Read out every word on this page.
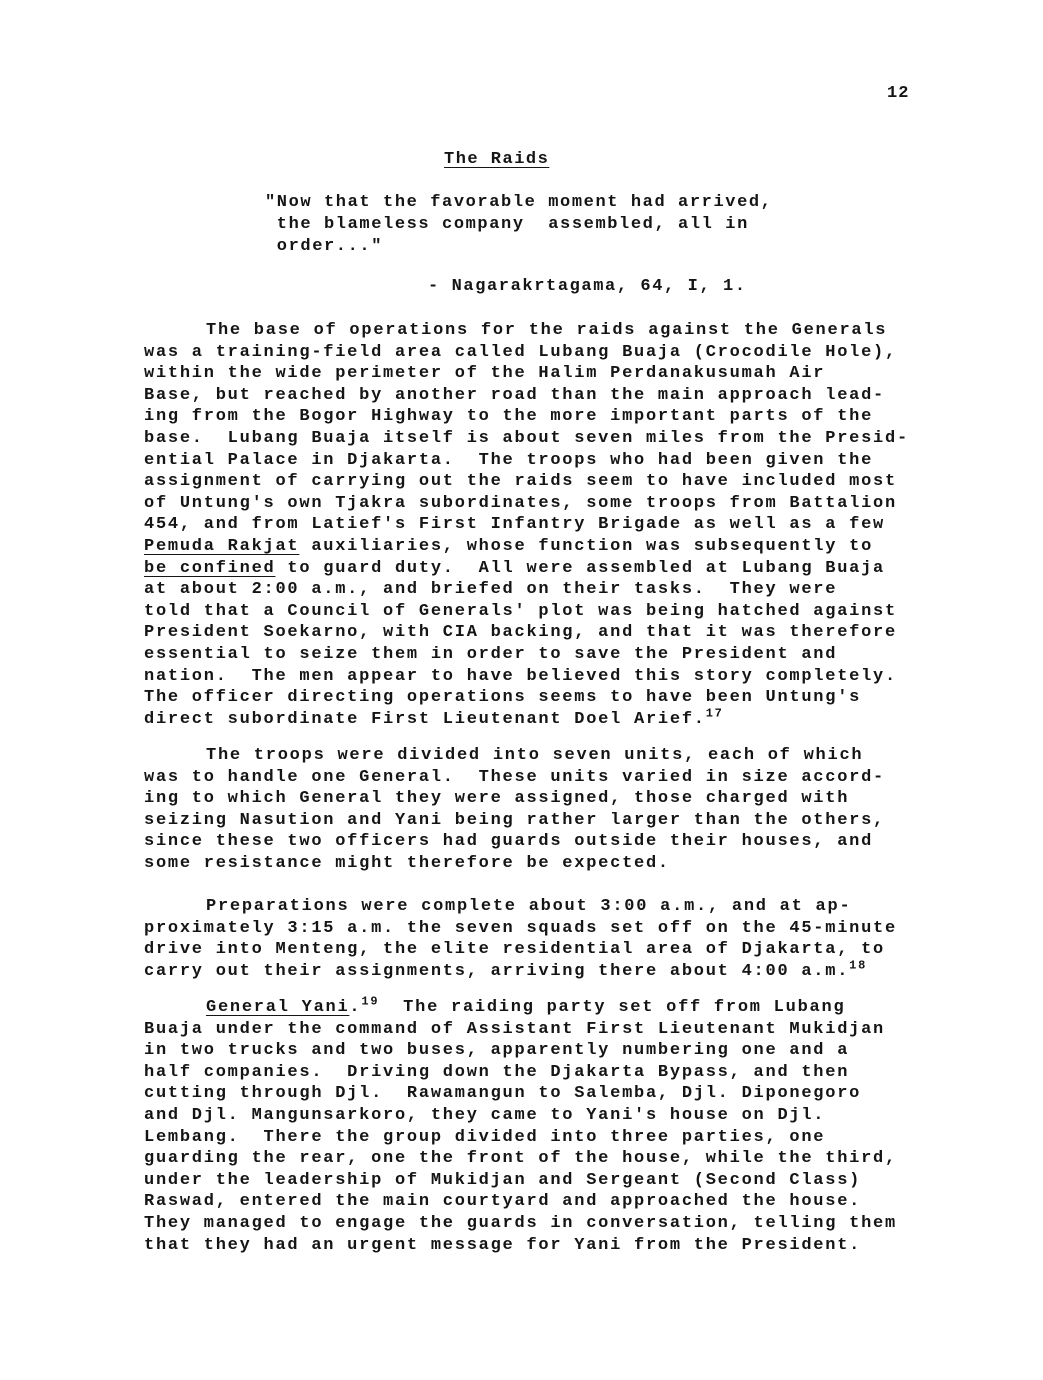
12
The Raids
"Now that the favorable moment had arrived,
the blameless company  assembled, all in
order..."
- Nagarakrtagama, 64, I, 1.
The base of operations for the raids against the Generals
was a training-field area called Lubang Buaja (Crocodile Hole),
within the wide perimeter of the Halim Perdanakusumah Air
Base, but reached by another road than the main approach lead-
ing from the Bogor Highway to the more important parts of the
base.  Lubang Buaja itself is about seven miles from the Presid-
ential Palace in Djakarta.  The troops who had been given the
assignment of carrying out the raids seem to have included most
of Untung's own Tjakra subordinates, some troops from Battalion
454, and from Latief's First Infantry Brigade as well as a few
Pemuda Rakjat auxiliaries, whose function was subsequently to
be confined to guard duty.  All were assembled at Lubang Buaja
at about 2:00 a.m., and briefed on their tasks.  They were
told that a Council of Generals' plot was being hatched against
President Soekarno, with CIA backing, and that it was therefore
essential to seize them in order to save the President and
nation.  The men appear to have believed this story completely.
The officer directing operations seems to have been Untung's
direct subordinate First Lieutenant Doel Arief.$^{17}$
The troops were divided into seven units, each of which
was to handle one General.  These units varied in size accord-
ing to which General they were assigned, those charged with
seizing Nasution and Yani being rather larger than the others,
since these two officers had guards outside their houses, and
some resistance might therefore be expected.
Preparations were complete about 3:00 a.m., and at ap-
proximately 3:15 a.m. the seven squads set off on the 45-minute
drive into Menteng, the elite residential area of Djakarta, to
carry out their assignments, arriving there about 4:00 a.m.$^{18}$
General Yani.$^{19}$  The raiding party set off from Lubang
Buaja under the command of Assistant First Lieutenant Mukidjan
in two trucks and two buses, apparently numbering one and a
half companies.  Driving down the Djakarta Bypass, and then
cutting through Djl.  Rawamangun to Salemba, Djl. Diponegoro
and Djl. Mangunsarkoro, they came to Yani's house on Djl.
Lembang.  There the group divided into three parties, one
guarding the rear, one the front of the house, while the third,
under the leadership of Mukidjan and Sergeant (Second Class)
Raswad, entered the main courtyard and approached the house.
They managed to engage the guards in conversation, telling them
that they had an urgent message for Yani from the President.
